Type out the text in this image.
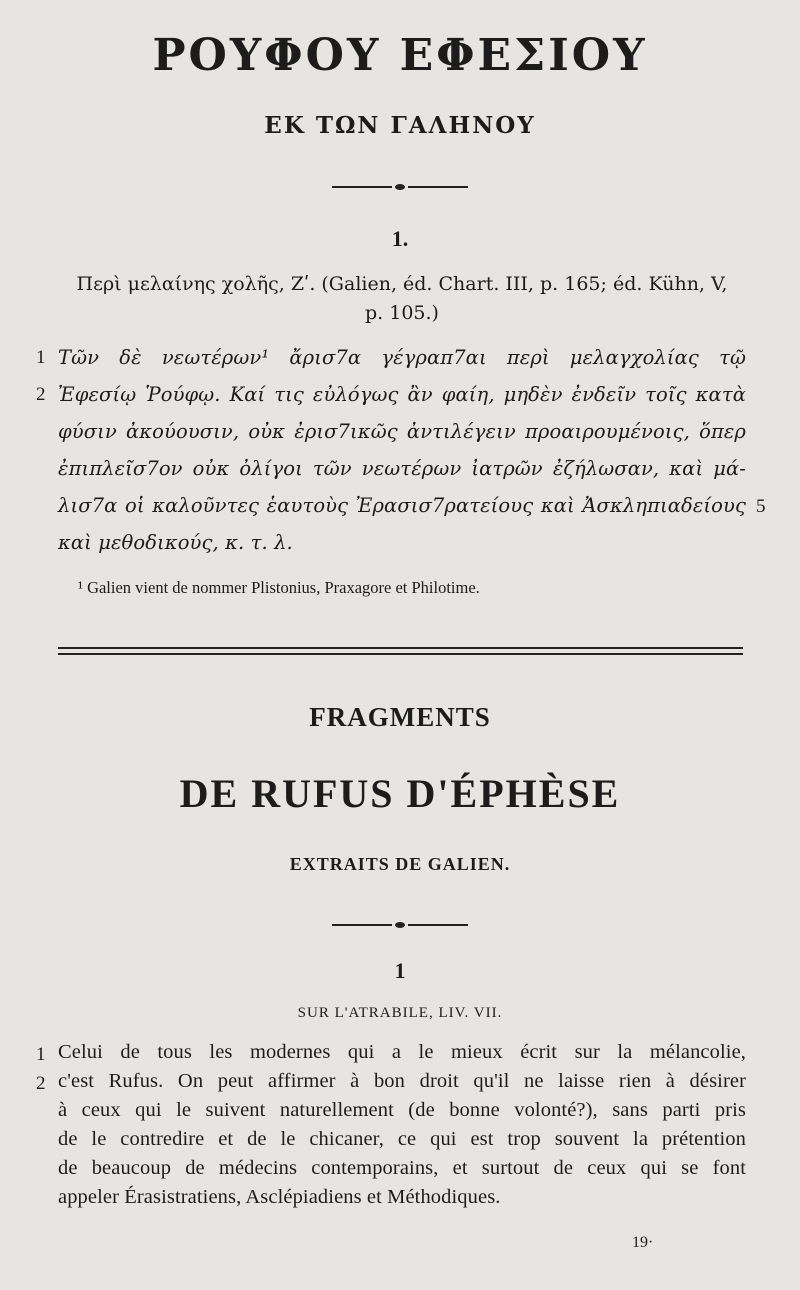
ΡΟΥΦΟΥ ΕΦΕΣΙΟΥ
ΕΚ ΤΩΝ ΓΑΛΗΝΟΥ
1.
Περὶ μελαίνης χολῆς, Ζʹ. (Galien, éd. Chart. III, p. 165; éd. Kühn, V,
p. 105.)
1
2
5
Τῶν δὲ νεωτέρων¹ ἄρισ7α γέγραπ7αι περὶ μελαγχολίας τῷ
Ἐφεσίῳ Ῥούφῳ. Καί τις εὐλόγως ἂν φαίη, μηδὲν ἐνδεῖν τοῖς κατὰ
φύσιν ἀκούουσιν, οὐκ ἐρισ7ικῶς ἀντιλέγειν προαιρουμένοις, ὅπερ
ἐπιπλεῖσ7ον οὐκ ὀλίγοι τῶν νεωτέρων ἰατρῶν ἐζήλωσαν, καὶ μά-
λισ7α οἱ καλοῦντες ἑαυτοὺς Ἐρασισ7ρατείους καὶ Ἀσκληπιαδείους
καὶ μεθοδικούς, κ. τ. λ.
¹ Galien vient de nommer Plistonius, Praxagore et Philotime.
FRAGMENTS
DE RUFUS D'ÉPHÈSE
EXTRAITS DE GALIEN.
1
SUR L'ATRABILE, LIV. VII.
1
2
Celui de tous les modernes qui a le mieux écrit sur la mélancolie,
c'est Rufus. On peut affirmer à bon droit qu'il ne laisse rien à désirer
à ceux qui le suivent naturellement (de bonne volonté?), sans parti pris
de le contredire et de le chicaner, ce qui est trop souvent la prétention
de beaucoup de médecins contemporains, et surtout de ceux qui se font
appeler Érasistratiens, Asclépiadiens et Méthodiques.
19·
